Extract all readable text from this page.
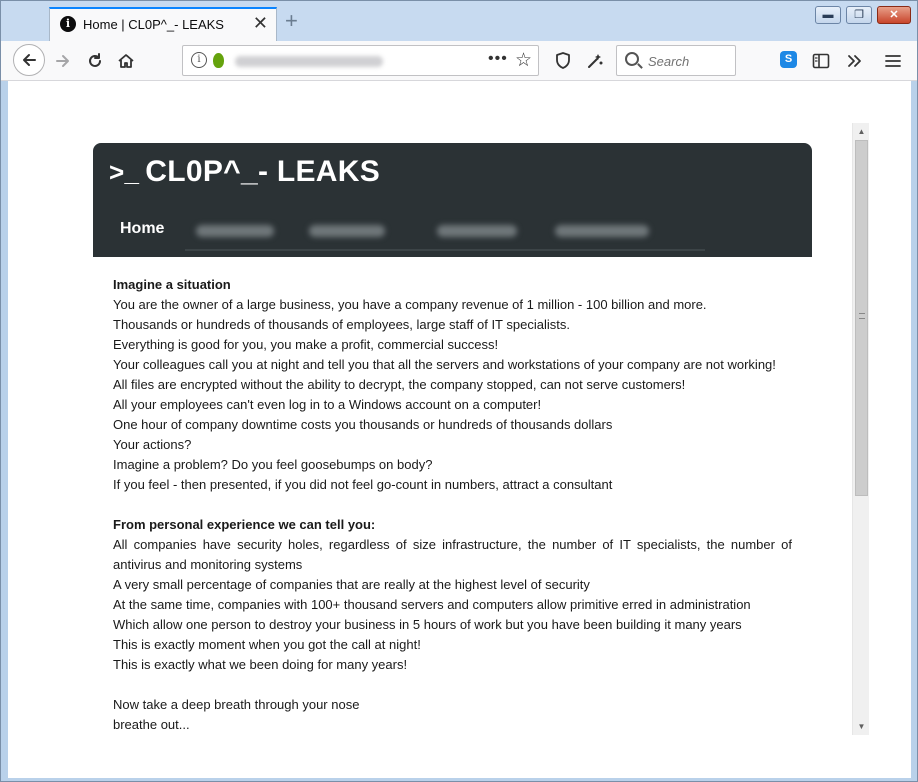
i Home | CL0P^_- LEAKS ✕ +	▬	❐	✕
i	••• ☆	Search	S
>_ CL0P^_- LEAKS
Home

Imagine a situation

You are the owner of a large business, you have a company revenue of 1 million - 100 billion and more.

Thousands or hundreds of thousands of employees, large staff of IT specialists.

Everything is good for you, you make a profit, commercial success!

Your colleagues call you at night and tell you that all the servers and workstations of your company are not working!

All files are encrypted without the ability to decrypt, the company stopped, can not serve customers!

All your employees can't even log in to a Windows account on a computer!

One hour of company downtime costs you thousands or hundreds of thousands dollars

Your actions?

Imagine a problem? Do you feel goosebumps on body?

If you feel - then presented, if you did not feel go-count in numbers, attract a consultant

From personal experience we can tell you:

All companies have security holes, regardless of size infrastructure, the number of IT specialists, the number of antivirus and monitoring systems

A very small percentage of companies that are really at the highest level of security

At the same time, companies with 100+ thousand servers and computers allow primitive erred in administration

Which allow one person to destroy your business in 5 hours of work but you have been building it many years

This is exactly moment when you got the call at night!

This is exactly what we been doing for many years!

Now take a deep breath through your nose

breathe out...

▲
▼
